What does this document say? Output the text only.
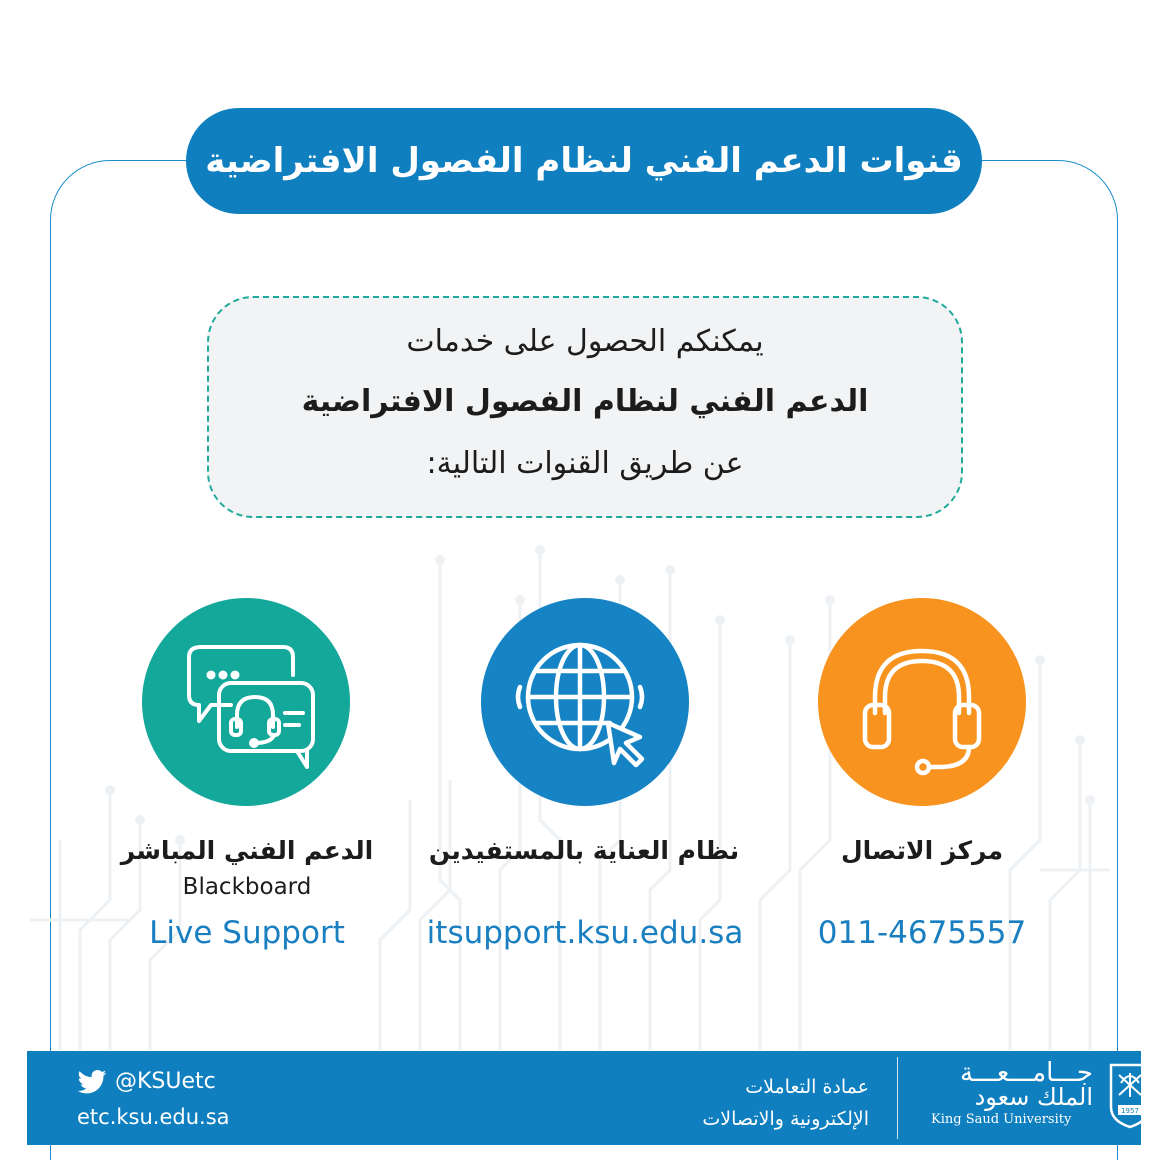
قنوات الدعم الفني لنظام الفصول الافتراضية
يمكنكم الحصول على خدمات
الدعم الفني لنظام الفصول الافتراضية
عن طريق القنوات التالية:
الدعم الفني المباشر
Blackboard
Live Support
نظام العناية بالمستفيدين
itsupport.ksu.edu.sa
مركز الاتصال
011-4675557
@KSUetc
etc.ksu.edu.sa
عمادة التعاملات
الإلكترونية والاتصالات
جـــامـــعـــة
الملك سعود
King Saud University
1957
